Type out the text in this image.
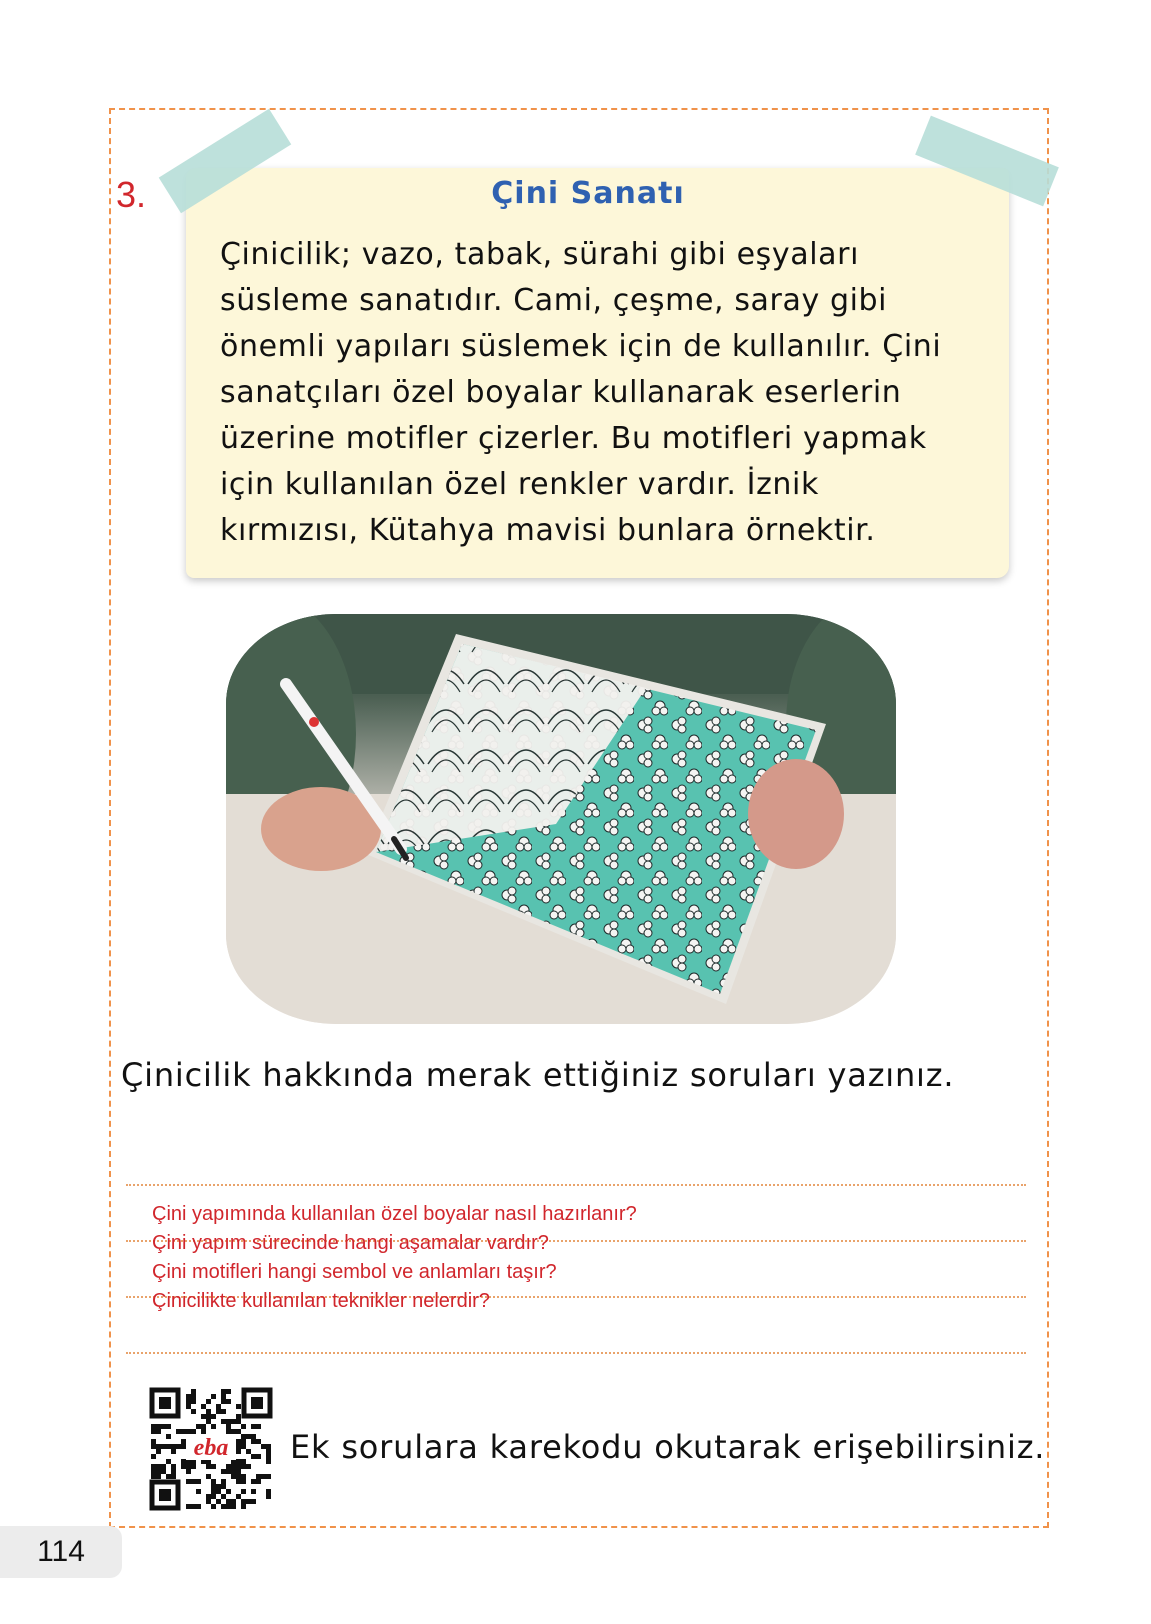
3.	Çini Sanatı
Çinicilik; vazo, tabak, sürahi gibi eşyaları
süsleme sanatıdır. Cami, çeşme, saray gibi
önemli yapıları süslemek için de kullanılır. Çini
sanatçıları özel boyalar kullanarak eserlerin
üzerine motifler çizerler. Bu motifleri yapmak
için kullanılan özel renkler vardır. İznik
kırmızısı, Kütahya mavisi bunlara örnektir.
Çinicilik hakkında merak ettiğiniz soruları yazınız.
Çini yapımında kullanılan özel boyalar nasıl hazırlanır?
Çini yapım sürecinde hangi aşamalar vardır?
Çini motifleri hangi sembol ve anlamları taşır?
Çinicilikte kullanılan teknikler nelerdir?
eba Ek sorulara karekodu okutarak erişebilirsiniz.
114
